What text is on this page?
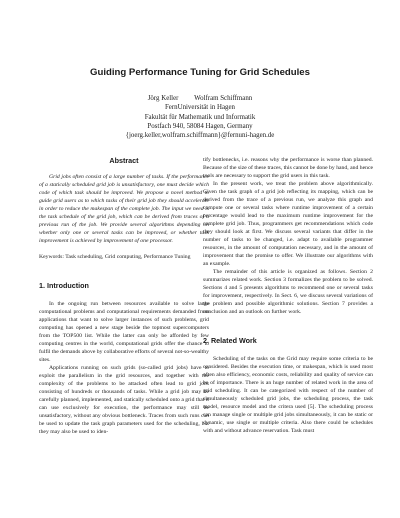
Guiding Performance Tuning for Grid Schedules
Jörg Keller Wolfram Schiffmann
FernUniversität in Hagen
Fakultät für Mathematik und Informatik
Postfach 940, 58084 Hagen, Germany
{joerg.keller,wolfram.schiffmann}@fernuni-hagen.de
Abstract

Grid jobs often consist of a large number of tasks. If the performance of a statically scheduled grid job is unsatisfactory, one must decide which code of which task should be improved. We propose a novel method to guide grid users as to which tasks of their grid job they should accelerate in order to reduce the makespan of the complete job. The input we need is the task schedule of the grid job, which can be derived from traces of a previous run of the job. We provide several algorithms depending on whether only one or several tasks can be improved, or whether task improvement is achieved by improvement of one processor.

Keywords: Task scheduling, Grid computing, Performance Tuning
1. Introduction

In the ongoing run between resources available to solve large computational problems and computational requirements demanded from applications that want to solve larger instances of such problems, grid computing has opened a new stage beside the topmost supercomputers from the TOP500 list. While the latter can only be afforded by few computing centres in the world, computational grids offer the chance to fulfil the demands above by collaborative efforts of several not-so-wealthy sites.

Applications running on such grids (so-called grid jobs) have to exploit the parallelism in the grid resources, and together with the complexity of the problems to be attacked often lead to grid jobs consisting of hundreds or thousands of tasks. While a grid job may be carefully planned, implemented, and statically scheduled onto a grid that it can use exclusively for execution, the performance may still be unsatisfactory, without any obvious bottleneck. Traces from such runs can be used to update the task graph parameters used for the scheduling, but they may also be used to iden-

tify bottlenecks, i.e. reasons why the performance is worse than planned. Because of the size of these traces, this cannot be done by hand, and hence tools are necessary to support the grid users in this task.

In the present work, we treat the problem above algorithmically. Given the task graph of a grid job reflecting its mapping, which can be derived from the trace of a previous run, we analyze this graph and compute one or several tasks where runtime improvement of a certain percentage would lead to the maximum runtime improvement for the complete grid job. Thus, programmers get recommendations which code they should look at first. We discuss several variants that differ in the number of tasks to be changed, i.e. adapt to available programmer resources, in the amount of computation necessary, and in the amount of improvement that the promise to offer. We illustrate our algorithms with an example.

The remainder of this article is organized as follows. Section 2 summarizes related work. Section 3 formalizes the problem to be solved. Sections 4 and 5 presents algorithms to recommend one or several tasks for improvement, respectively. In Sect. 6, we discuss several variations of the problem and possible algorithmic solutions. Section 7 provides a conclusion and an outlook on further work.

2. Related Work

Scheduling of the tasks on the Grid may require some criteria to be considered. Besides the execution time, or makespan, which is used most often also efficiency, economic costs, reliability and quality of service can be of importance. There is an huge number of related work in the area of grid scheduling. It can be categorized with respect of the number of simultaneously scheduled grid jobs, the scheduling process, the task model, resource model and the critera used [5]. The scheduling process can manage single or multiple grid jobs simultaneously, it can be static or dynamic, use single or multiple criteria. Also there could be schedules with and without advance reservation. Task must
